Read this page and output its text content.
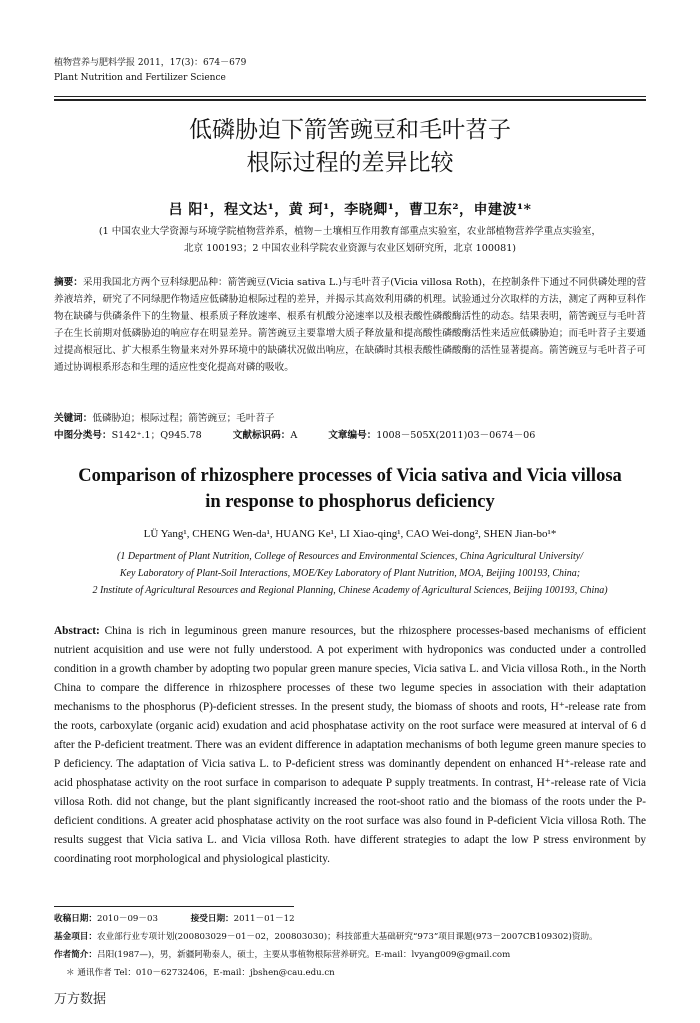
植物营养与肥料学报 2011，17(3)：674－679
Plant Nutrition and Fertilizer Science
低磷胁迫下箭筈豌豆和毛叶苕子
根际过程的差异比较
吕 阳¹，程文达¹，黄 珂¹，李晓卿¹，曹卫东²，申建波¹*
(1 中国农业大学资源与环境学院植物营养系，植物－土壤相互作用教育部重点实验室，农业部植物营养学重点实验室，
北京 100193；2 中国农业科学院农业资源与农业区划研究所，北京 100081)

摘要：采用我国北方两个豆科绿肥品种：箭筈豌豆(Vicia sativa L.)与毛叶苕子(Vicia villosa Roth)，在控制条件下通过不同供磷处理的营养液培养，研究了不同绿肥作物适应低磷胁迫根际过程的差异，并揭示其高效利用磷的机理。试验通过分次取样的方法，测定了两种豆科作物在缺磷与供磷条件下的生物量、根系质子释放速率、根系有机酸分泌速率以及根表酸性磷酸酶活性的动态。结果表明，箭筈豌豆与毛叶苕子在生长前期对低磷胁迫的响应存在明显差异。箭筈豌豆主要靠增大质子释放量和提高酸性磷酸酶活性来适应低磷胁迫；而毛叶苕子主要通过提高根冠比、扩大根系生物量来对外界环境中的缺磷状况做出响应，在缺磷时其根表酸性磷酸酶的活性显著提高。箭筈豌豆与毛叶苕子可通过协调根系形态和生理的适应性变化提高对磷的吸收。

关键词：低磷胁迫；根际过程；箭筈豌豆；毛叶苕子
中图分类号：S142⁺.1；Q945.78	文献标识码：A	文章编号：1008－505X(2011)03－0674－06
Comparison of rhizosphere processes of Vicia sativa and Vicia villosa
in response to phosphorus deficiency
LÜ Yang¹, CHENG Wen-da¹, HUANG Ke¹, LI Xiao-qing¹, CAO Wei-dong², SHEN Jian-bo¹*
(1 Department of Plant Nutrition, College of Resources and Environmental Sciences, China Agricultural University/
Key Laboratory of Plant-Soil Interactions, MOE/Key Laboratory of Plant Nutrition, MOA, Beijing 100193, China;
2 Institute of Agricultural Resources and Regional Planning, Chinese Academy of Agricultural Sciences, Beijing 100193, China)

Abstract: China is rich in leguminous green manure resources, but the rhizosphere processes-based mechanisms of efficient nutrient acquisition and use were not fully understood. A pot experiment with hydroponics was conducted under a controlled condition in a growth chamber by adopting two popular green manure species, Vicia sativa L. and Vicia villosa Roth., in the North China to compare the difference in rhizosphere processes of these two legume species in association with their adaptation mechanisms to the phosphorus (P)-deficient stresses. In the present study, the biomass of shoots and roots, H⁺-release rate from the roots, carboxylate (organic acid) exudation and acid phosphatase activity on the root surface were measured at interval of 6 d after the P-deficient treatment. There was an evident difference in adaptation mechanisms of both legume green manure species to P deficiency. The adaptation of Vicia sativa L. to P-deficient stress was dominantly dependent on enhanced H⁺-release rate and acid phosphatase activity on the root surface in comparison to adequate P supply treatments. In contrast, H⁺-release rate of Vicia villosa Roth. did not change, but the plant significantly increased the root-shoot ratio and the biomass of the roots under the P-deficient conditions. A greater acid phosphatase activity on the root surface was also found in P-deficient Vicia villosa Roth. The results suggest that Vicia sativa L. and Vicia villosa Roth. have different strategies to adapt the low P stress environment by coordinating root morphological and physiological plasticity.

收稿日期：2010－09－03	接受日期：2011－01－12
基金项目：农业部行业专项计划(200803029－01－02，200803030)；科技部重大基础研究“973”项目课题(973－2007CB109302)资助。
作者简介：吕阳(1987—)，男，新疆阿勒泰人，硕士，主要从事植物根际营养研究。E-mail：lvyang009@gmail.com
＊ 通讯作者 Tel：010－62732406，E-mail：jbshen@cau.edu.cn
万方数据
